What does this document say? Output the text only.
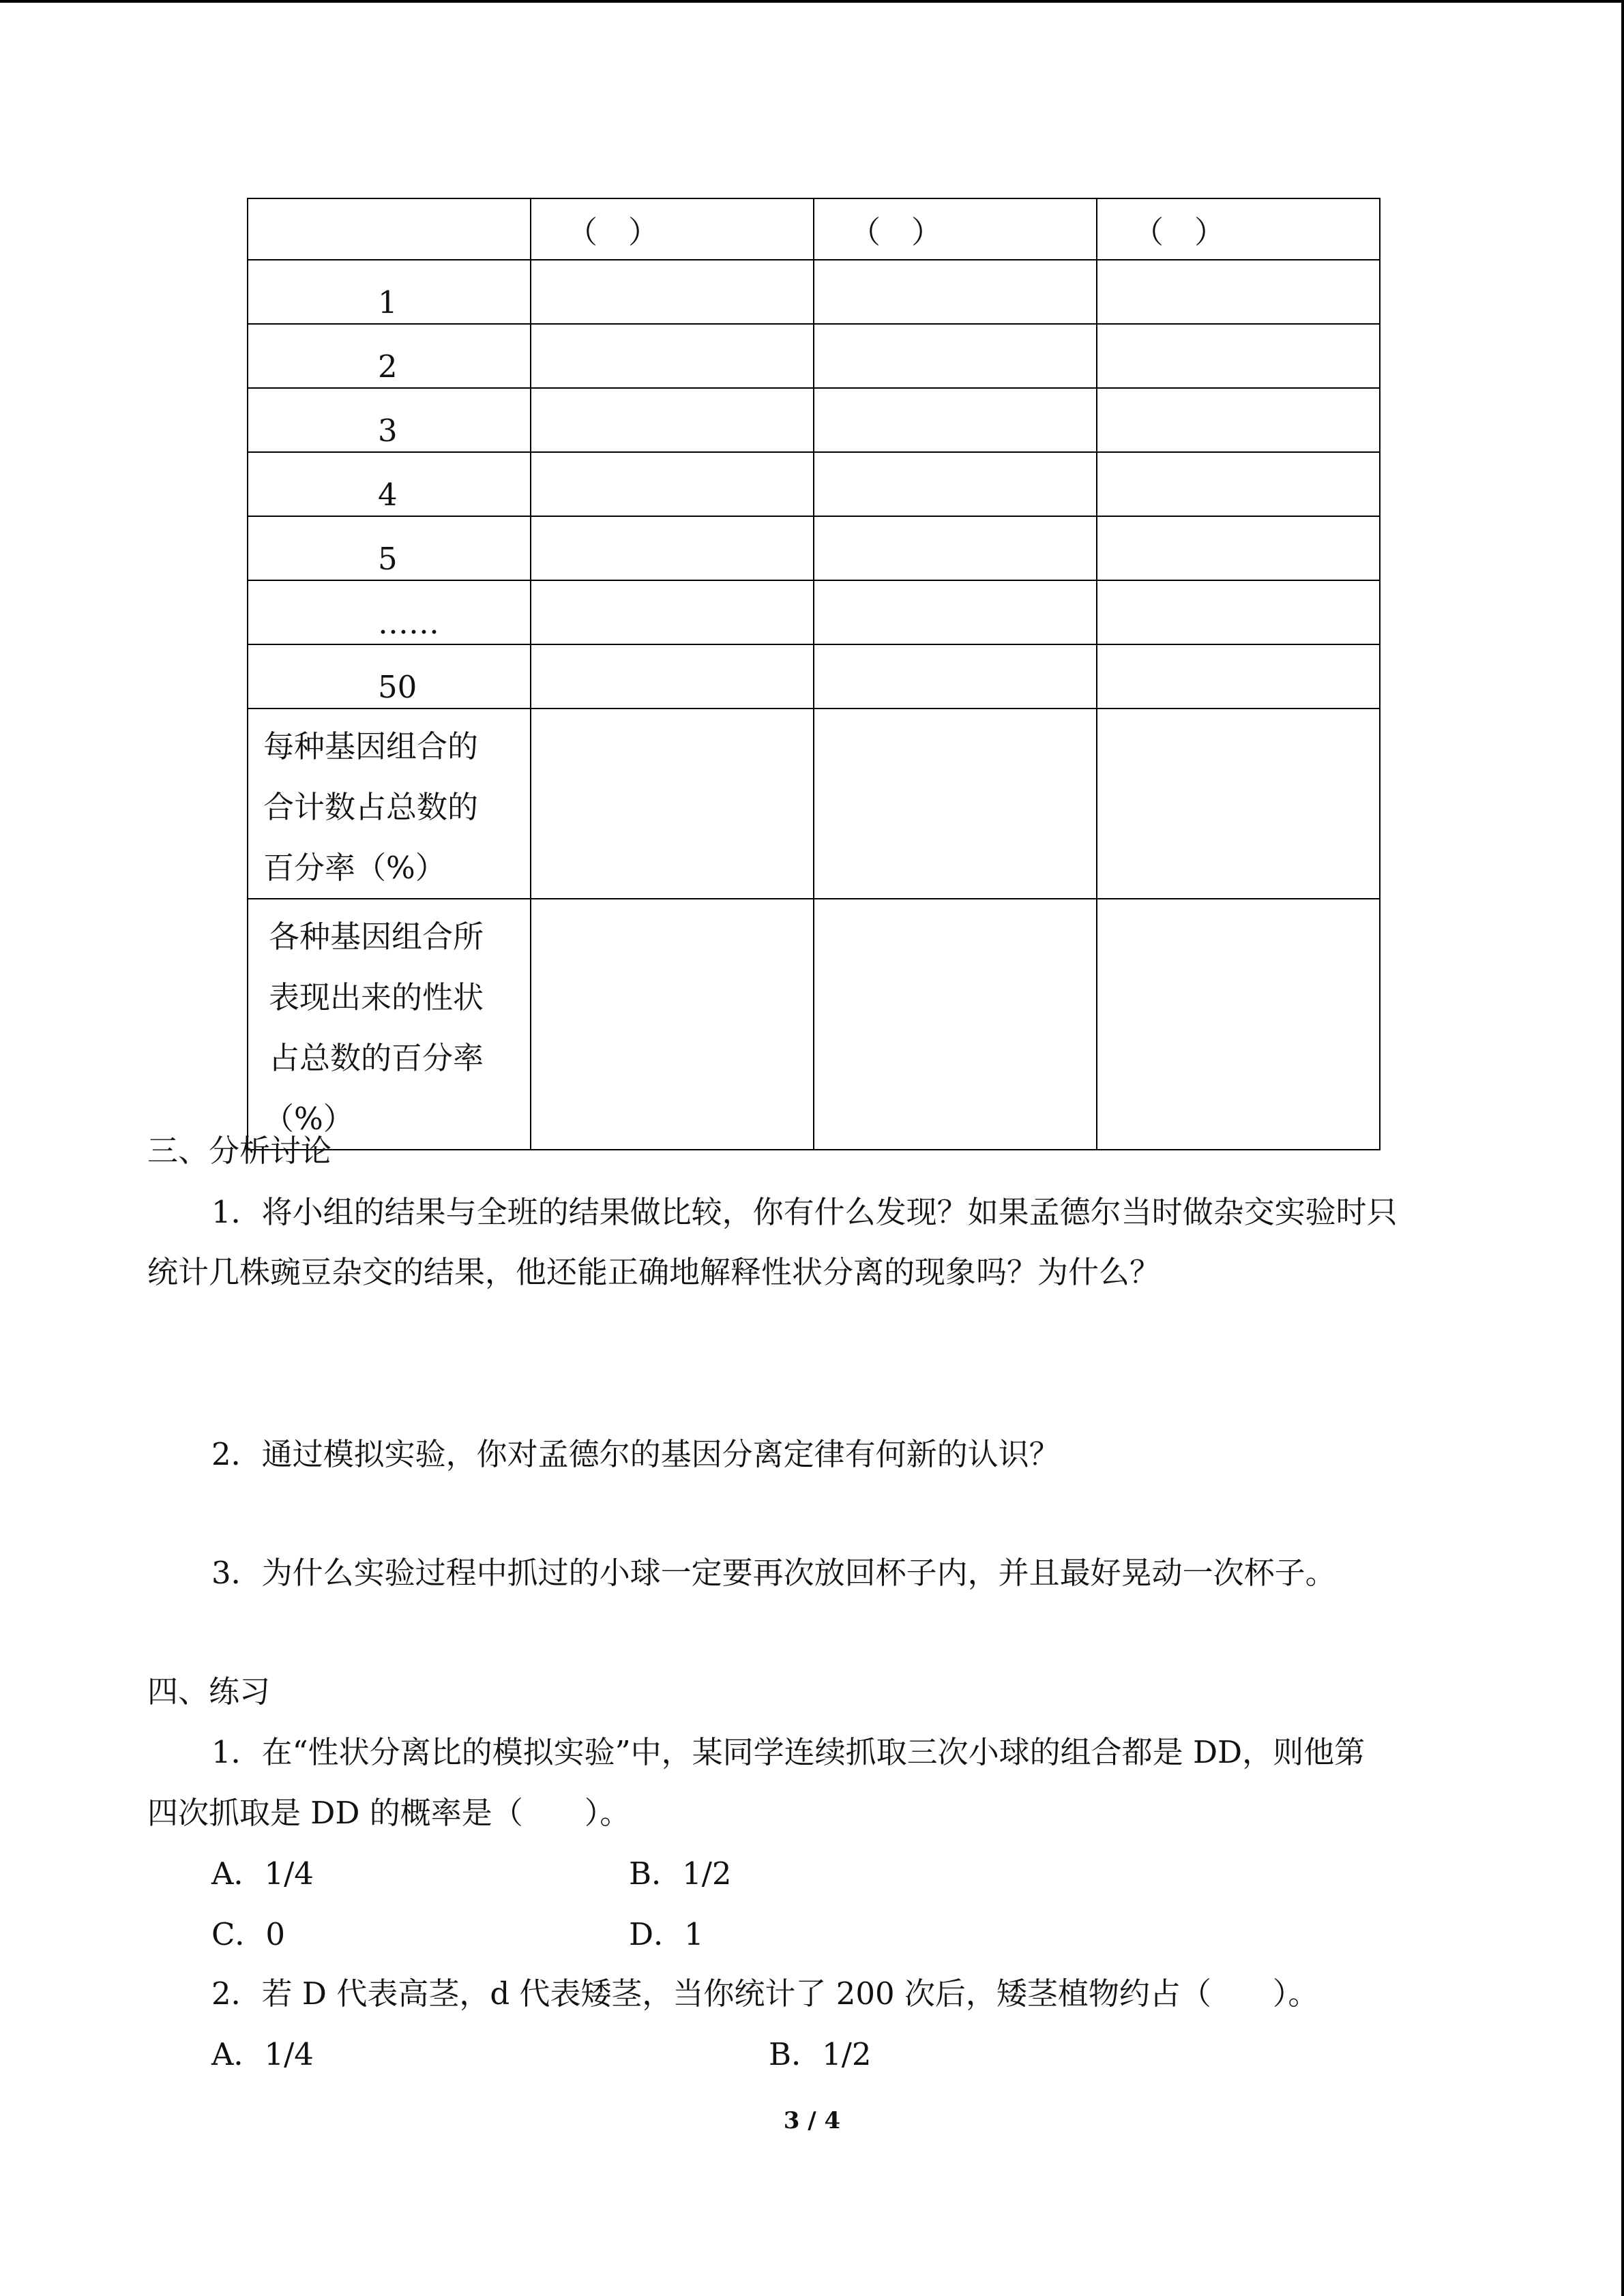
	（　）	（　）	（　）
1			
2			
3			
4			
5			
……			
50			

每种基因组合的
合计数占总数的
百分率（%）			

各种基因组合所
表现出来的性状
占总数的百分率
（%）			

三、分析讨论
1．将小组的结果与全班的结果做比较，你有什么发现？如果孟德尔当时做杂交实验时只
统计几株豌豆杂交的结果，他还能正确地解释性状分离的现象吗？为什么？
2．通过模拟实验，你对孟德尔的基因分离定律有何新的认识？
3．为什么实验过程中抓过的小球一定要再次放回杯子内，并且最好晃动一次杯子。
四、练习
1．在“性状分离比的模拟实验”中，某同学连续抓取三次小球的组合都是 DD，则他第
四次抓取是 DD 的概率是（　　）。
A．1/4	B．1/2
C．0	D．1
2．若 D 代表高茎，d 代表矮茎，当你统计了 200 次后，矮茎植物约占（　　）。
A．1/4	B．1/2
3 / 4
